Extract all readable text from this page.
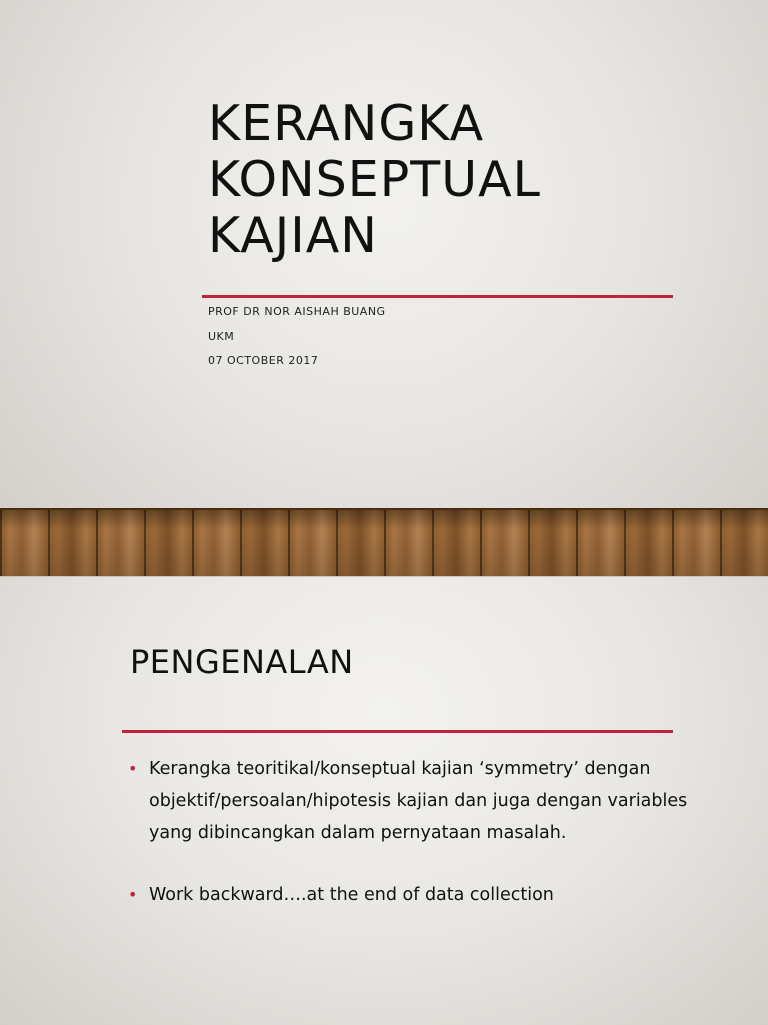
KERANGKA
KONSEPTUAL
KAJIAN
PROF DR NOR AISHAH BUANG
UKM
07 OCTOBER 2017
PENGENALAN
• Kerangka teoritikal/konseptual kajian ‘symmetry’ dengan objektif/persoalan/hipotesis kajian dan juga dengan variables yang dibincangkan dalam pernyataan masalah.
• Work backward….at the end of data collection
